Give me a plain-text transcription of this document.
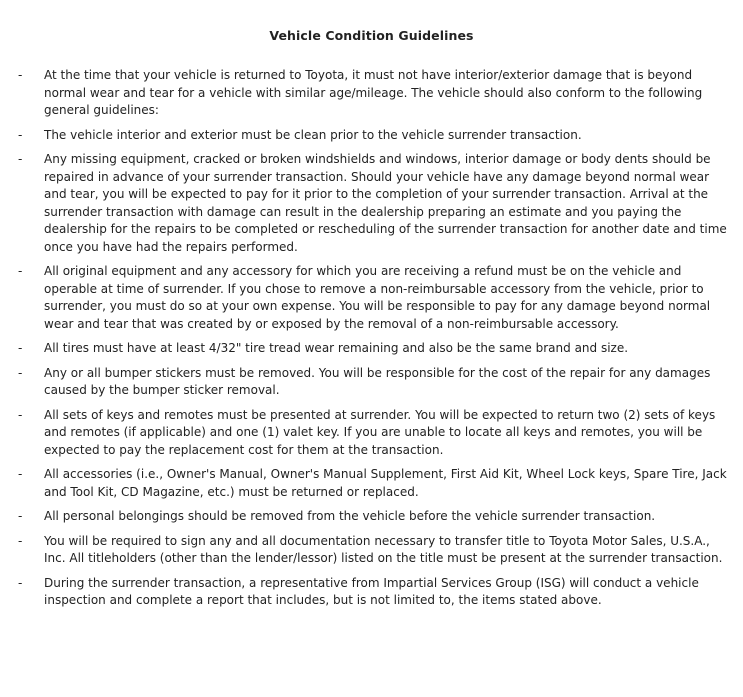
Vehicle Condition Guidelines
-	At the time that your vehicle is returned to Toyota, it must not have interior/exterior damage that is beyond normal wear and tear for a vehicle with similar age/mileage. The vehicle should also conform to the following general guidelines:
-	The vehicle interior and exterior must be clean prior to the vehicle surrender transaction.
-	Any missing equipment, cracked or broken windshields and windows, interior damage or body dents should be repaired in advance of your surrender transaction. Should your vehicle have any damage beyond normal wear and tear, you will be expected to pay for it prior to the completion of your surrender transaction. Arrival at the surrender transaction with damage can result in the dealership preparing an estimate and you paying the dealership for the repairs to be completed or rescheduling of the surrender transaction for another date and time once you have had the repairs performed.
-	All original equipment and any accessory for which you are receiving a refund must be on the vehicle and operable at time of surrender. If you chose to remove a non-reimbursable accessory from the vehicle, prior to surrender, you must do so at your own expense. You will be responsible to pay for any damage beyond normal wear and tear that was created by or exposed by the removal of a non-reimbursable accessory.
-	All tires must have at least 4/32" tire tread wear remaining and also be the same brand and size.
-	Any or all bumper stickers must be removed. You will be responsible for the cost of the repair for any damages caused by the bumper sticker removal.
-	All sets of keys and remotes must be presented at surrender. You will be expected to return two (2) sets of keys and remotes (if applicable) and one (1) valet key. If you are unable to locate all keys and remotes, you will be expected to pay the replacement cost for them at the transaction.
-	All accessories (i.e., Owner's Manual, Owner's Manual Supplement, First Aid Kit, Wheel Lock keys, Spare Tire, Jack and Tool Kit, CD Magazine, etc.) must be returned or replaced.
-	All personal belongings should be removed from the vehicle before the vehicle surrender transaction.
-	You will be required to sign any and all documentation necessary to transfer title to Toyota Motor Sales, U.S.A., Inc. All titleholders (other than the lender/lessor) listed on the title must be present at the surrender transaction.
-	During the surrender transaction, a representative from Impartial Services Group (ISG) will conduct a vehicle inspection and complete a report that includes, but is not limited to, the items stated above.
